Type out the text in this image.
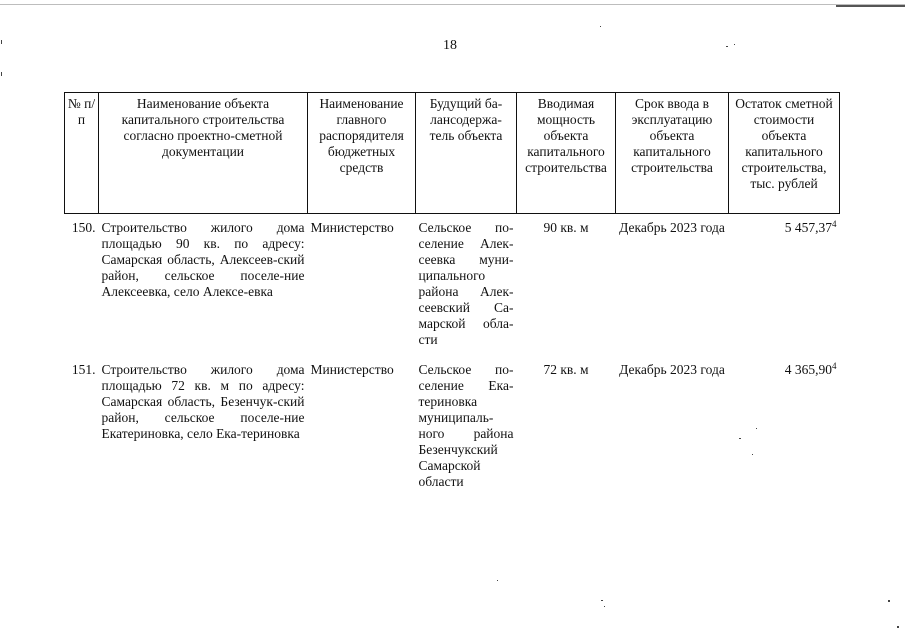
18
№ п/п	Наименование объекта капитального строительства согласно проектно-сметной документации	Наименование главного распорядителя бюджетных средств	Будущий ба-лансодержа-тель объекта	Вводимая мощность объекта капитального строительства	Срок ввода в эксплуатацию объекта капитального строительства	Остаток сметной стоимости объекта капитального строительства, тыс. рублей
150.	Строительство жилого дома площадью 90 кв. по адресу: Самарская область, Алексеев-ский район, сельское поселе-ние Алексеевка, село Алексе-евка	Министерство	Сельское по-селение Алек-сеевка муни-ципального района Алек-сеевский Са-марской обла-сти	90 кв. м	Декабрь 2023 года	5 457,37$^4$
151.	Строительство жилого дома площадью 72 кв. м по адресу: Самарская область, Безенчук-ский район, сельское поселе-ние Екатериновка, село Ека-териновка	Министерство	Сельское по-селение Ека-териновка муниципаль-ного района Безенчукский Самарской области	72 кв. м	Декабрь 2023 года	4 365,90$^4$
